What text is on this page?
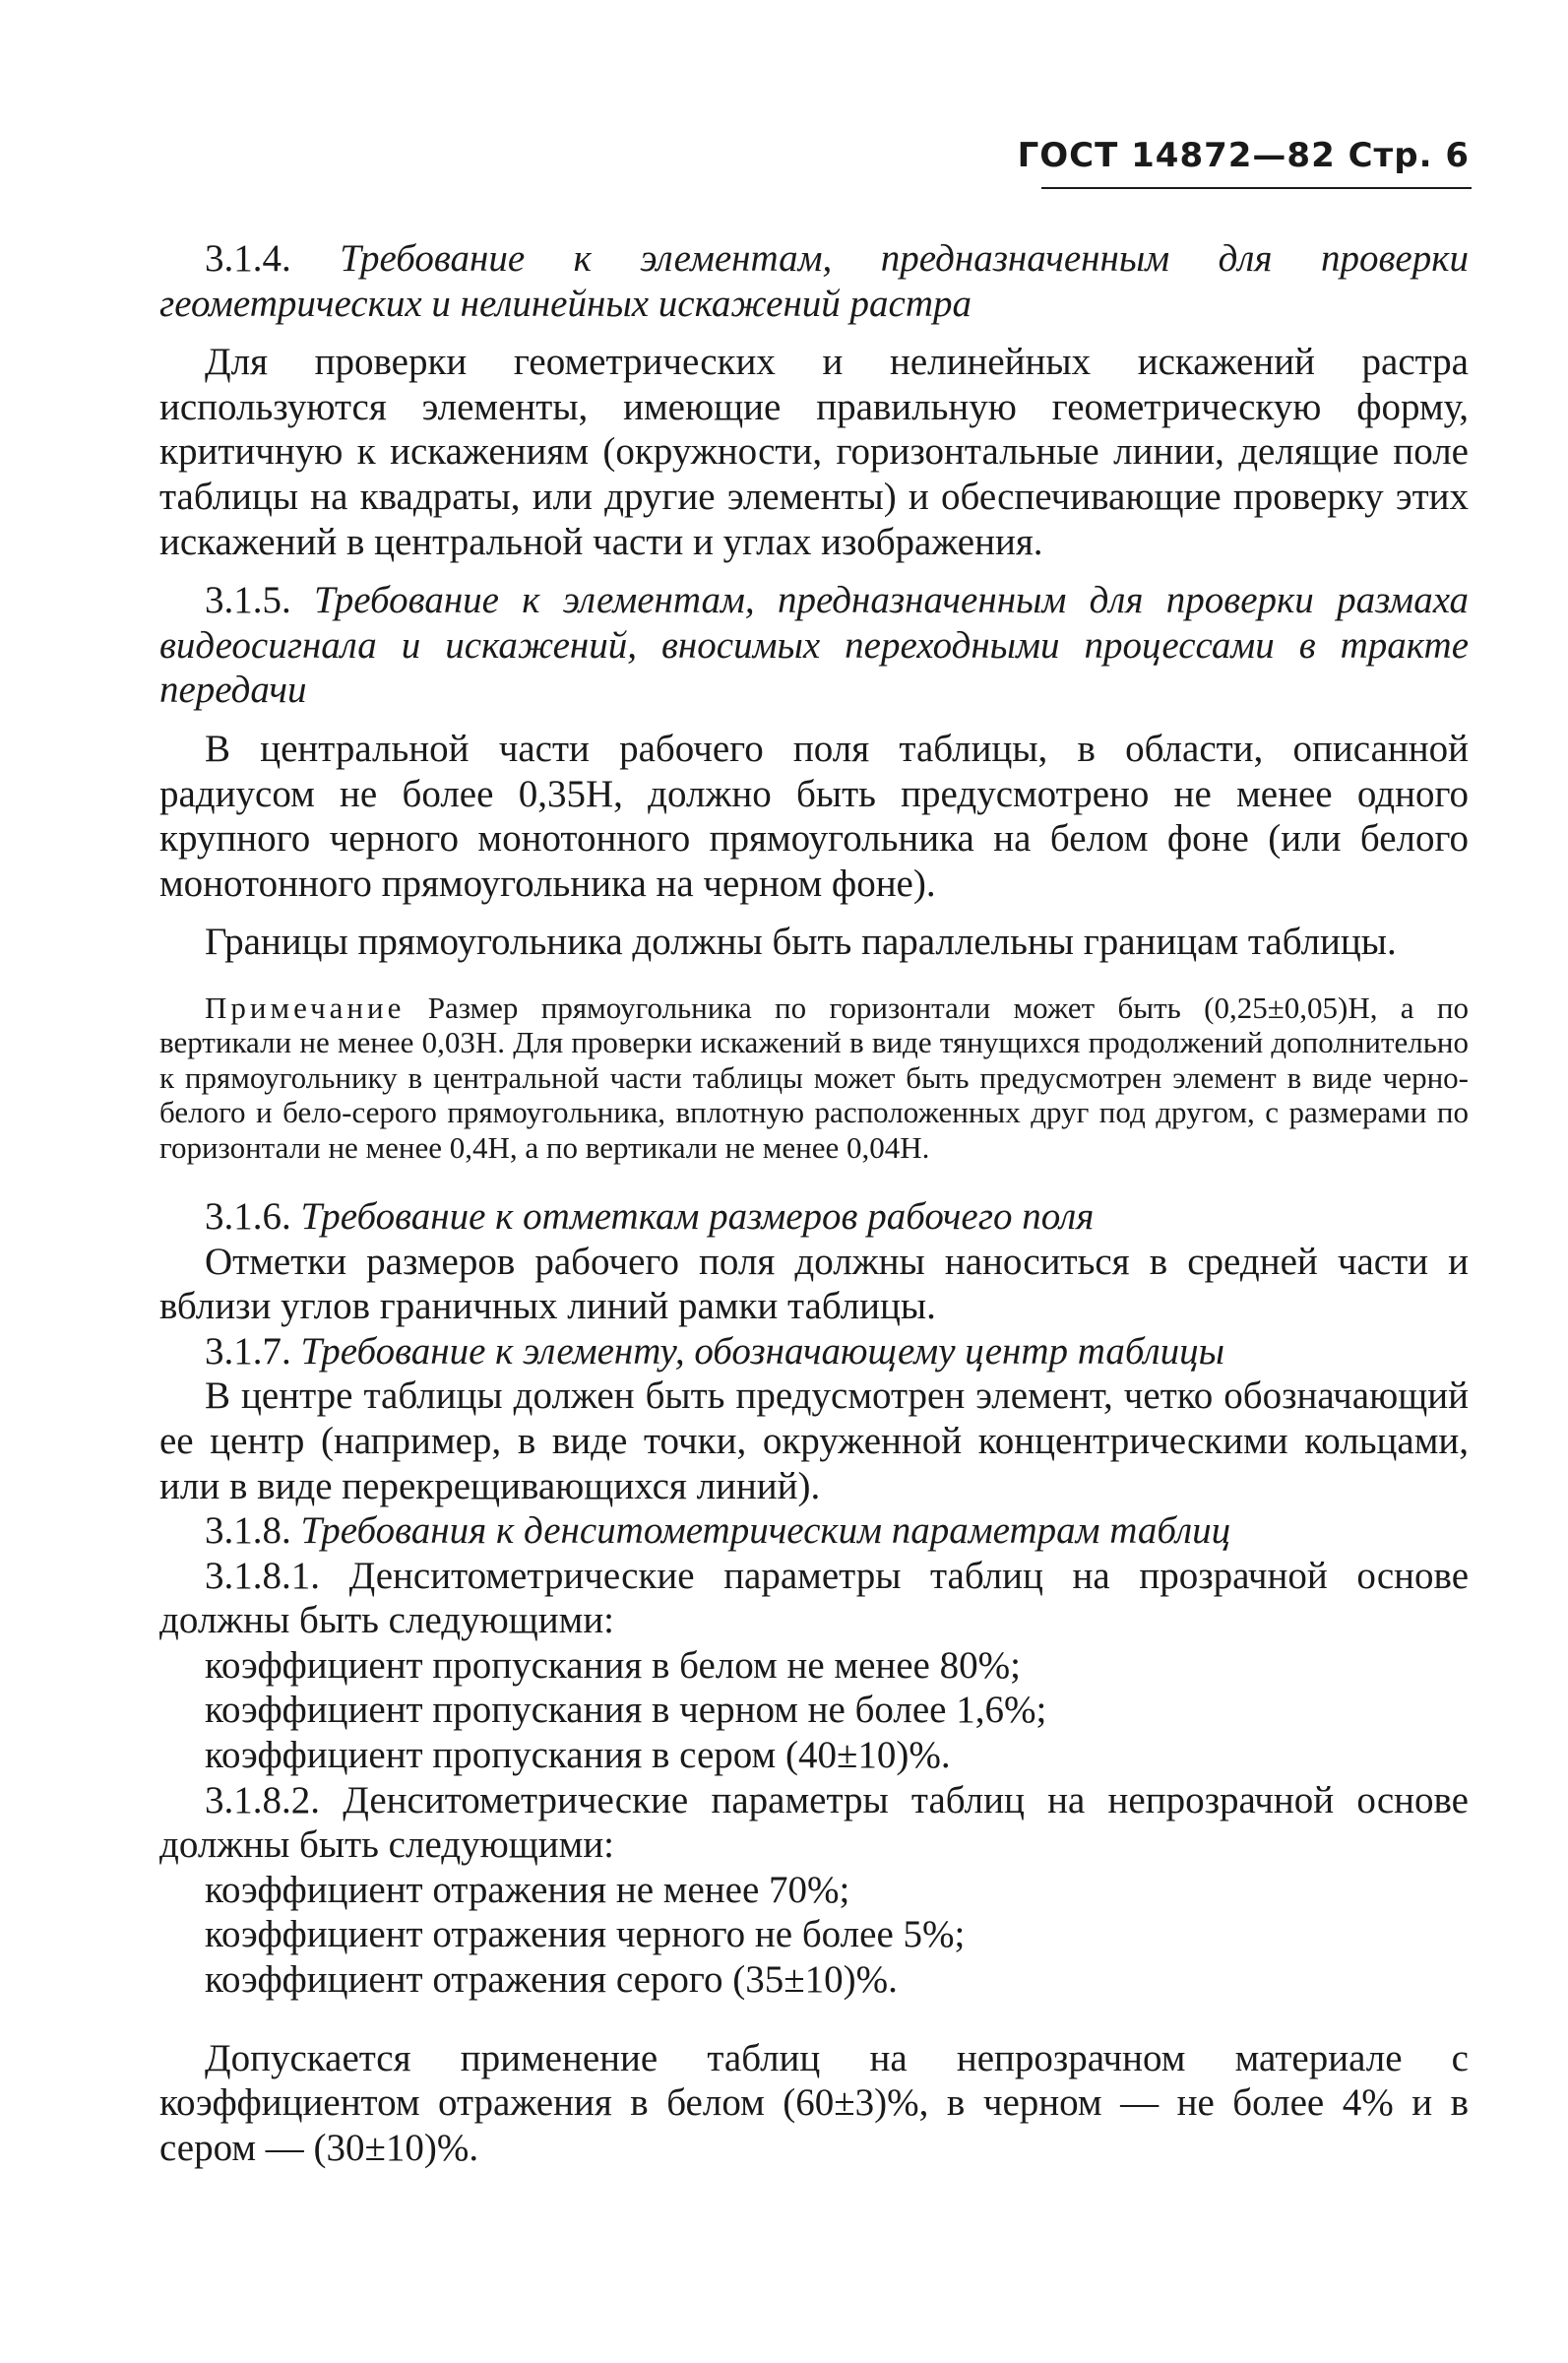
ГОСТ 14872—82 Стр. 6

3.1.4. Требование к элементам, предназначенным для проверки геометрических и нелинейных искажений растра

Для проверки геометрических и нелинейных искажений растра используются элементы, имеющие правильную геометрическую форму, критичную к искажениям (окружности, горизонтальные линии, делящие поле таблицы на квадраты, или другие элементы) и обеспечивающие проверку этих искажений в центральной части и углах изображения.

3.1.5. Требование к элементам, предназначенным для проверки размаха видеосигнала и искажений, вносимых переходными процессами в тракте передачи

В центральной части рабочего поля таблицы, в области, описанной радиусом не более 0,35H, должно быть предусмотрено не менее одного крупного черного монотонного прямоугольника на белом фоне (или белого монотонного прямоугольника на черном фоне).

Границы прямоугольника должны быть параллельны границам таблицы.

Примечание Размер прямоугольника по горизонтали может быть (0,25±0,05)H, а по вертикали не менее 0,03H. Для проверки искажений в виде тянущихся продолжений дополнительно к прямоугольнику в центральной части таблицы может быть предусмотрен элемент в виде черно-белого и бело-серого прямоугольника, вплотную расположенных друг под другом, с размерами по горизонтали не менее 0,4H, а по вертикали не менее 0,04H.

3.1.6. Требование к отметкам размеров рабочего поля

Отметки размеров рабочего поля должны наноситься в средней части и вблизи углов граничных линий рамки таблицы.

3.1.7. Требование к элементу, обозначающему центр таблицы

В центре таблицы должен быть предусмотрен элемент, четко обозначающий ее центр (например, в виде точки, окруженной концентрическими кольцами, или в виде перекрещивающихся линий).

3.1.8. Требования к денситометрическим параметрам таблиц

3.1.8.1. Денситометрические параметры таблиц на прозрачной основе должны быть следующими:

коэффициент пропускания в белом не менее 80%;

коэффициент пропускания в черном не более 1,6%;

коэффициент пропускания в сером (40±10)%.

3.1.8.2. Денситометрические параметры таблиц на непрозрачной основе должны быть следующими:

коэффициент отражения не менее 70%;

коэффициент отражения черного не более 5%;

коэффициент отражения серого (35±10)%.

Допускается применение таблиц на непрозрачном материале с коэффициентом отражения в белом (60±3)%, в черном — не более 4% и в сером — (30±10)%.
